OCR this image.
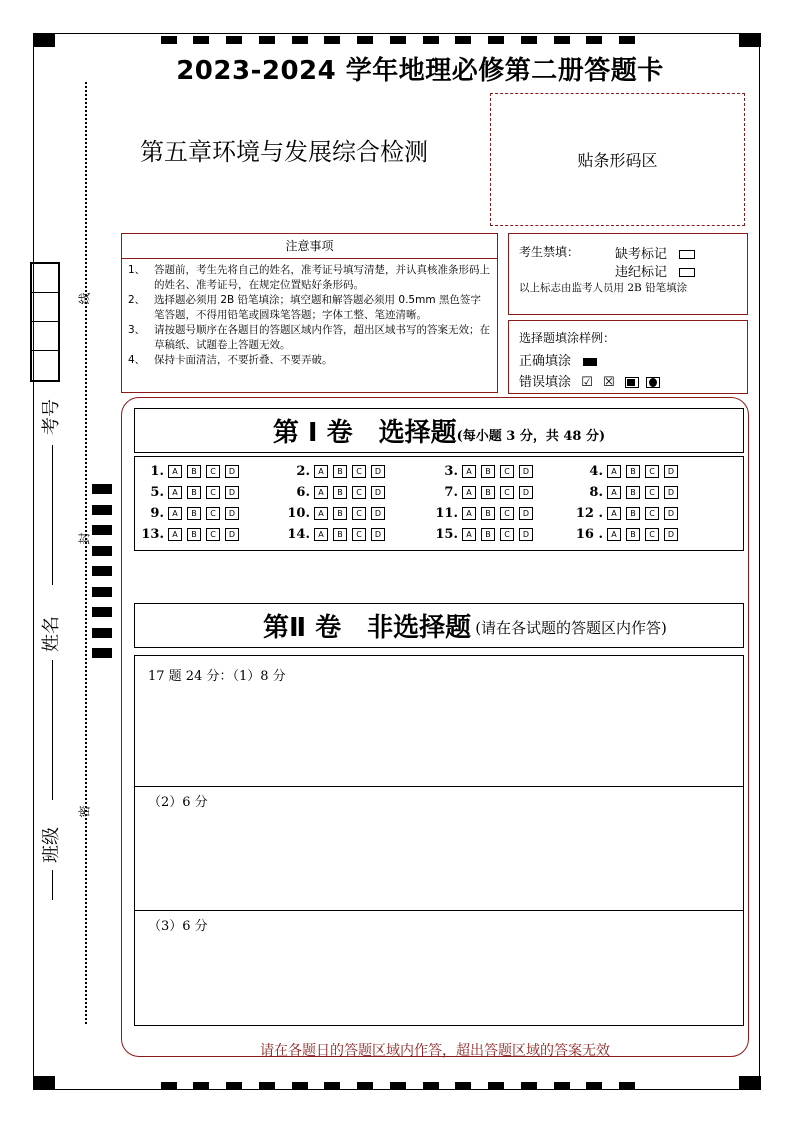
2023-2024 学年地理必修第二册答题卡
第五章环境与发展综合检测	贴条形码区
注意事项
1、 答题前，考生先将自己的姓名，准考证号填写清楚，并认真核准条形码上的姓名、准考证号，在规定位置贴好条形码。
2、 选择题必须用 2B 铅笔填涂；填空题和解答题必须用 0.5mm 黑色签字笔答题，不得用铅笔或圆珠笔答题；字体工整、笔迹清晰。
3、 请按题号顺序在各题目的答题区域内作答，超出区域书写的答案无效；在草稿纸、试题卷上答题无效。
4、 保持卡面清洁，不要折叠、不要弄破。
考生禁填：	缺考标记
违纪标记
以上标志由监考人员用 2B 铅笔填涂
选择题填涂样例：
正确填涂
错误填涂 ☑ ☒

第 I 卷　选择题 (每小题 3 分，共 48 分)
1.	A	B	C	D	2.	A	B	C	D	3.	A	B	C	D	4.	A	B	C	D
5.	A	B	C	D	6.	A	B	C	D	7.	A	B	C	D	8.	A	B	C	D
9.	A	B	C	D	10.	A	B	C	D	11.	A	B	C	D	12 .	A	B	C	D
13.	A	B	C	D	14.	A	B	C	D	15.	A	B	C	D	16 .	A	B	C	D
第Ⅱ 卷　非选择题 (请在各试题的答题区内作答)
17 题 24 分：（1）8 分
（2）6 分
（3）6 分
请在各题日的答题区域内作答，超出答题区域的答案无效
线
封
密
考号
姓名
班级
